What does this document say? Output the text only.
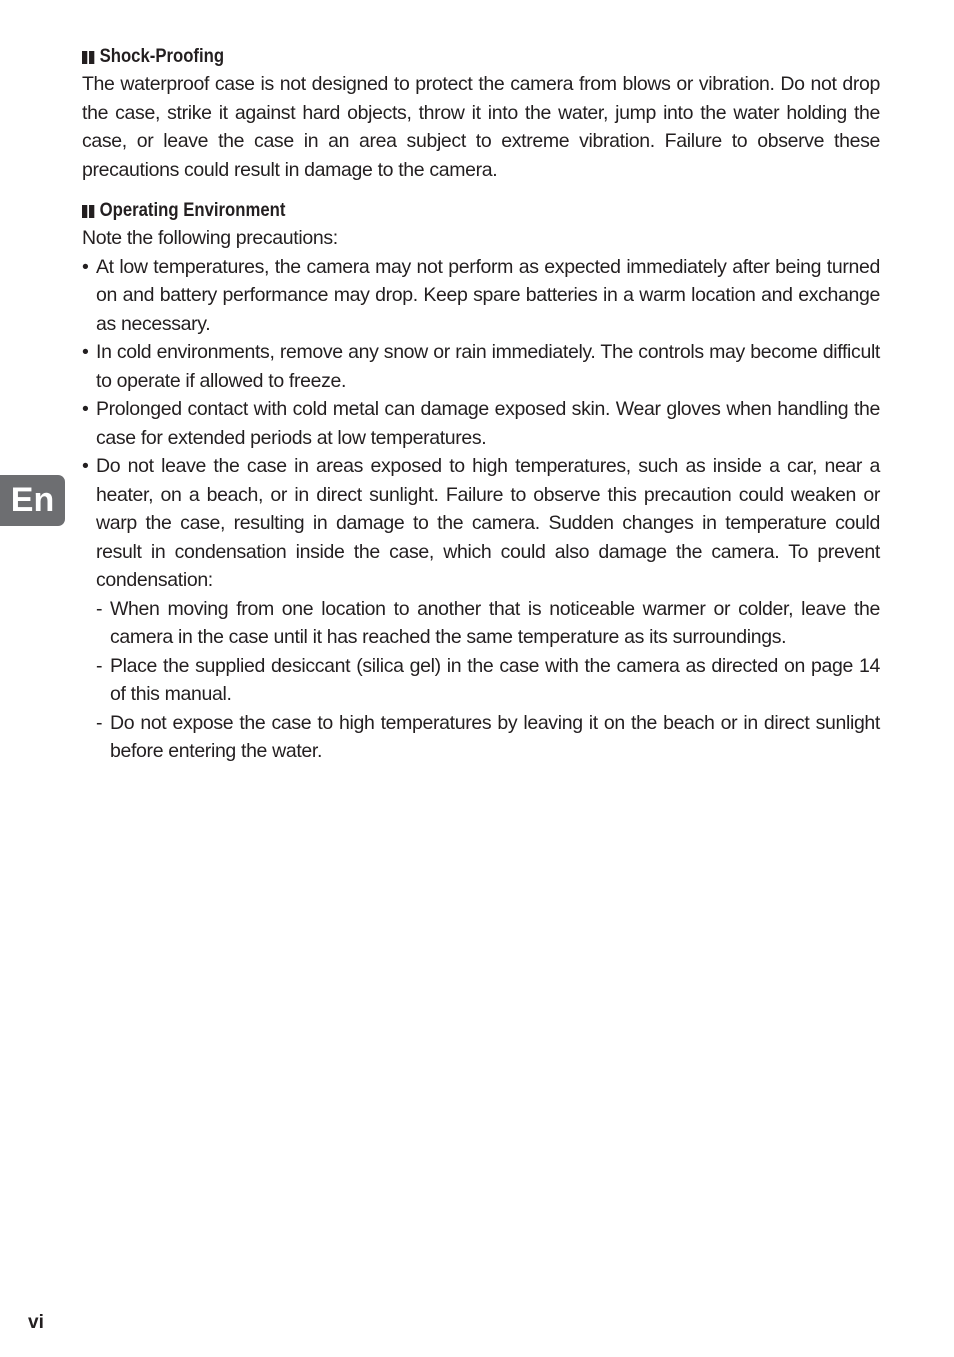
En
Shock-Proofing

The waterproof case is not designed to protect the camera from blows or vibration. Do not drop the case, strike it against hard objects, throw it into the water, jump into the water holding the case, or leave the case in an area subject to extreme vibration. Failure to observe these precautions could result in damage to the camera.

Operating Environment

Note the following precautions:

• At low temperatures, the camera may not perform as expected immediately after being turned on and battery performance may drop. Keep spare batteries in a warm location and exchange as necessary.
• In cold environments, remove any snow or rain immediately. The controls may become difficult to operate if allowed to freeze.
• Prolonged contact with cold metal can damage exposed skin. Wear gloves when handling the case for extended periods at low temperatures.
• Do not leave the case in areas exposed to high temperatures, such as inside a car, near a heater, on a beach, or in direct sunlight. Failure to observe this precaution could weaken or warp the case, resulting in damage to the camera. Sudden changes in temperature could result in condensation inside the case, which could also damage the camera. To prevent condensation:
- When moving from one location to another that is noticeable warmer or colder, leave the camera in the case until it has reached the same temperature as its surroundings.
- Place the supplied desiccant (silica gel) in the case with the camera as directed on page 14 of this manual.
- Do not expose the case to high temperatures by leaving it on the beach or in direct sunlight before entering the water.
vi
